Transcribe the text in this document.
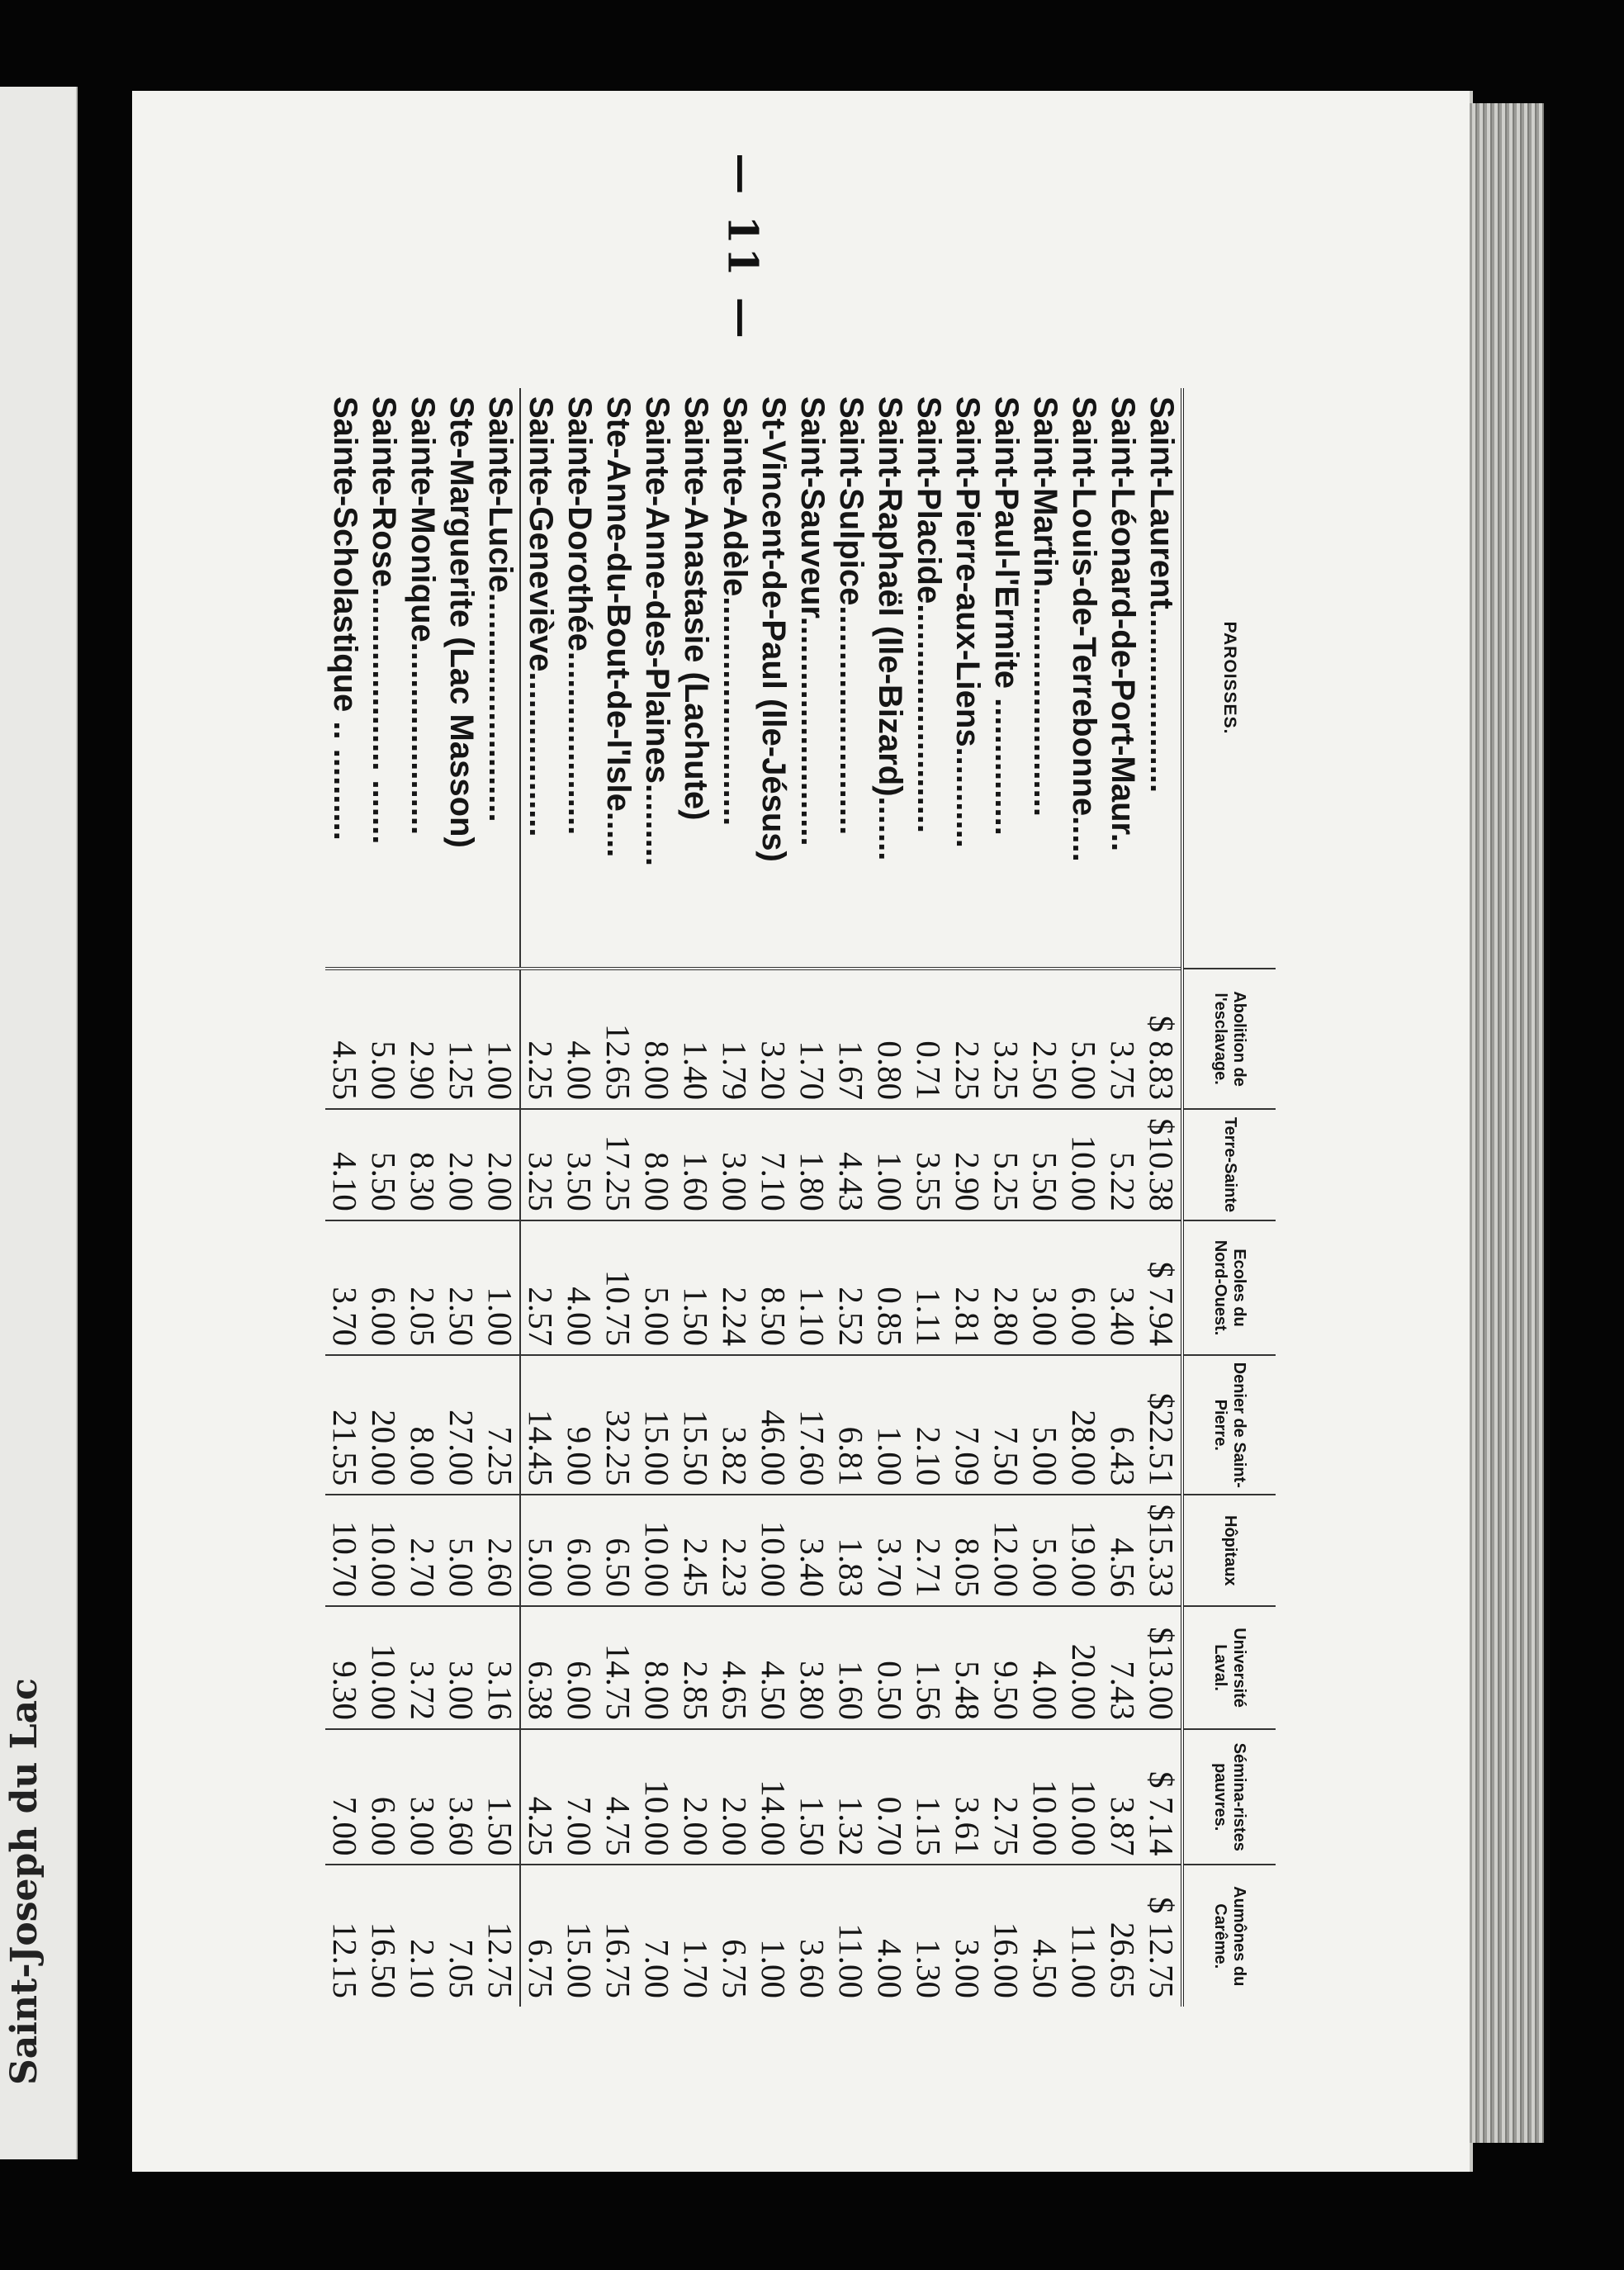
Saint-Joseph du Lac
— 11 —
PAROISSES.	Abolition de l'esclavage.	Terre-Sainte	Ecoles du Nord-Ouest.	Denier de Saint-Pierre.	Hôpitaux	Université Laval.	Sémina-ristes pauvres.	Aumônes du Carême.
Saint-Laurent....................	$ 8.83	$10.38	$ 7.94	$22.51	$15.33	$13.00	$ 7.14	$ 12.75
Saint-Léonard-de-Port-Maur..	3.75	5.22	3.40	6.43	4.56	7.43	3.87	26.65
Saint-Louis-de-Terrebonne.....	5.00	10.00	6.00	28.00	19.00	20.00	10.00	11.00
Saint-Martin.........................	2.50	5.50	3.00	5.00	5.00	4.00	10.00	4.50
Saint-Paul-l'Ermite ...............	3.25	5.25	2.80	7.50	12.00	9.50	2.75	16.00
Saint-Pierre-aux-Liens...........	2.25	2.90	2.81	7.09	8.05	5.48	3.61	3.00
Saint-Placide.........................	0.71	3.55	1.11	2.10	2.71	1.56	1.15	1.30
Saint-Raphaël (Ile-Bizard).......	0.80	1.00	0.85	1.00	3.70	0.50	0.70	4.00
Saint-Sulpice.........................	1.67	4.43	2.52	6.81	1.83	1.60	1.32	11.00
Saint-Sauveur.........................	1.70	1.80	1.10	17.60	3.40	3.80	1.50	3.60
St-Vincent-de-Paul (Ile-Jésus)	3.20	7.10	8.50	46.00	10.00	4.50	14.00	1.00
Sainte-Adèle.........................	1.79	3.00	2.24	3.82	2.23	4.65	2.00	6.75
Sainte-Anastasie (Lachute)	1.40	1.60	1.50	15.50	2.45	2.85	2.00	1.70
Sainte-Anne-des-Plaines.........	8.00	8.00	5.00	15.00	10.00	8.00	10.00	7.00
Ste-Anne-du-Bout-de-l'Isle.....	12.65	17.25	10.75	32.25	6.50	14.75	4.75	16.75
Sainte-Dorothée....................	4.00	3.50	4.00	9.00	6.00	6.00	7.00	15.00
Sainte-Geneviève..................	2.25	3.25	2.57	14.45	5.00	6.38	4.25	6.75
Sainte-Lucie.........................	1.00	2.00	1.00	7.25	2.60	3.16	1.50	12.75
Ste-Marguerite (Lac Masson)	1.25	2.00	2.50	27.00	5.00	3.00	3.60	7.05
Sainte-Monique.....................	2.90	8.30	2.05	8.00	2.70	3.72	3.00	2.10
Sainte-Rose.................... .......	5.00	5.50	6.00	20.00	10.00	10.00	6.00	16.50
Sainte-Scholastique .. ..........	4.55	4.10	3.70	21.55	10.70	9.30	7.00	12.15
